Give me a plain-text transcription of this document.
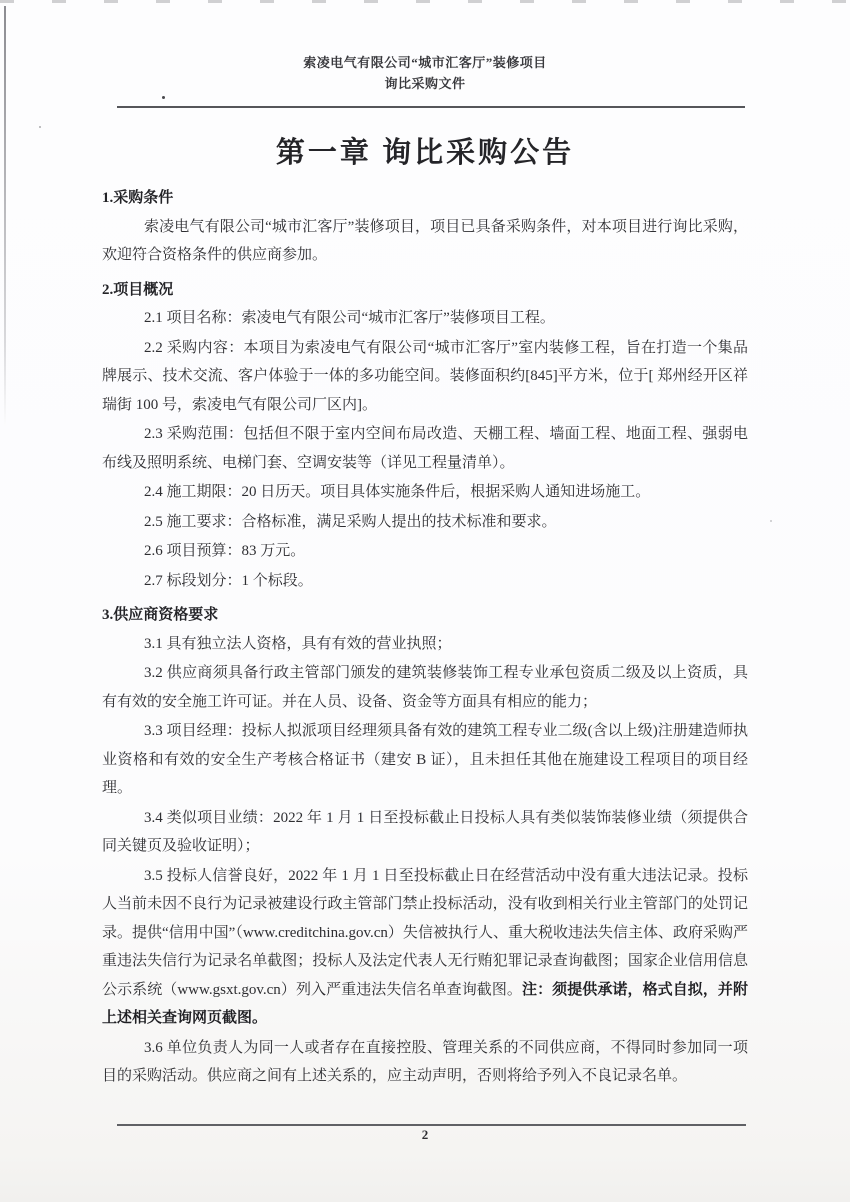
索凌电气有限公司“城市汇客厅”装修项目
询比采购文件
第一章 询比采购公告
1.采购条件

索凌电气有限公司“城市汇客厅”装修项目，项目已具备采购条件，对本项目进行询比采购，欢迎符合资格条件的供应商参加。

2.项目概况

2.1 项目名称：索凌电气有限公司“城市汇客厅”装修项目工程。

2.2 采购内容：本项目为索凌电气有限公司“城市汇客厅”室内装修工程，旨在打造一个集品牌展示、技术交流、客户体验于一体的多功能空间。装修面积约[845]平方米，位于[ 郑州经开区祥瑞街 100 号，索凌电气有限公司厂区内]。

2.3 采购范围：包括但不限于室内空间布局改造、天棚工程、墙面工程、地面工程、强弱电布线及照明系统、电梯门套、空调安装等（详见工程量清单）。

2.4 施工期限：20 日历天。项目具体实施条件后，根据采购人通知进场施工。

2.5 施工要求：合格标准，满足采购人提出的技术标准和要求。

2.6 项目预算：83 万元。

2.7 标段划分：1 个标段。

3.供应商资格要求

3.1 具有独立法人资格，具有有效的营业执照；

3.2 供应商须具备行政主管部门颁发的建筑装修装饰工程专业承包资质二级及以上资质，具有有效的安全施工许可证。并在人员、设备、资金等方面具有相应的能力；

3.3 项目经理：投标人拟派项目经理须具备有效的建筑工程专业二级(含以上级)注册建造师执业资格和有效的安全生产考核合格证书（建安 B 证），且未担任其他在施建设工程项目的项目经理。

3.4 类似项目业绩：2022 年 1 月 1 日至投标截止日投标人具有类似装饰装修业绩（须提供合同关键页及验收证明）；

3.5 投标人信誉良好，2022 年 1 月 1 日至投标截止日在经营活动中没有重大违法记录。投标人当前未因不良行为记录被建设行政主管部门禁止投标活动，没有收到相关行业主管部门的处罚记录。提供“信用中国”（www.creditchina.gov.cn）失信被执行人、重大税收违法失信主体、政府采购严重违法失信行为记录名单截图；投标人及法定代表人无行贿犯罪记录查询截图；国家企业信用信息公示系统（www.gsxt.gov.cn）列入严重违法失信名单查询截图。注：须提供承诺，格式自拟，并附上述相关查询网页截图。

3.6 单位负责人为同一人或者存在直接控股、管理关系的不同供应商，不得同时参加同一项目的采购活动。供应商之间有上述关系的，应主动声明，否则将给予列入不良记录名单。

2
